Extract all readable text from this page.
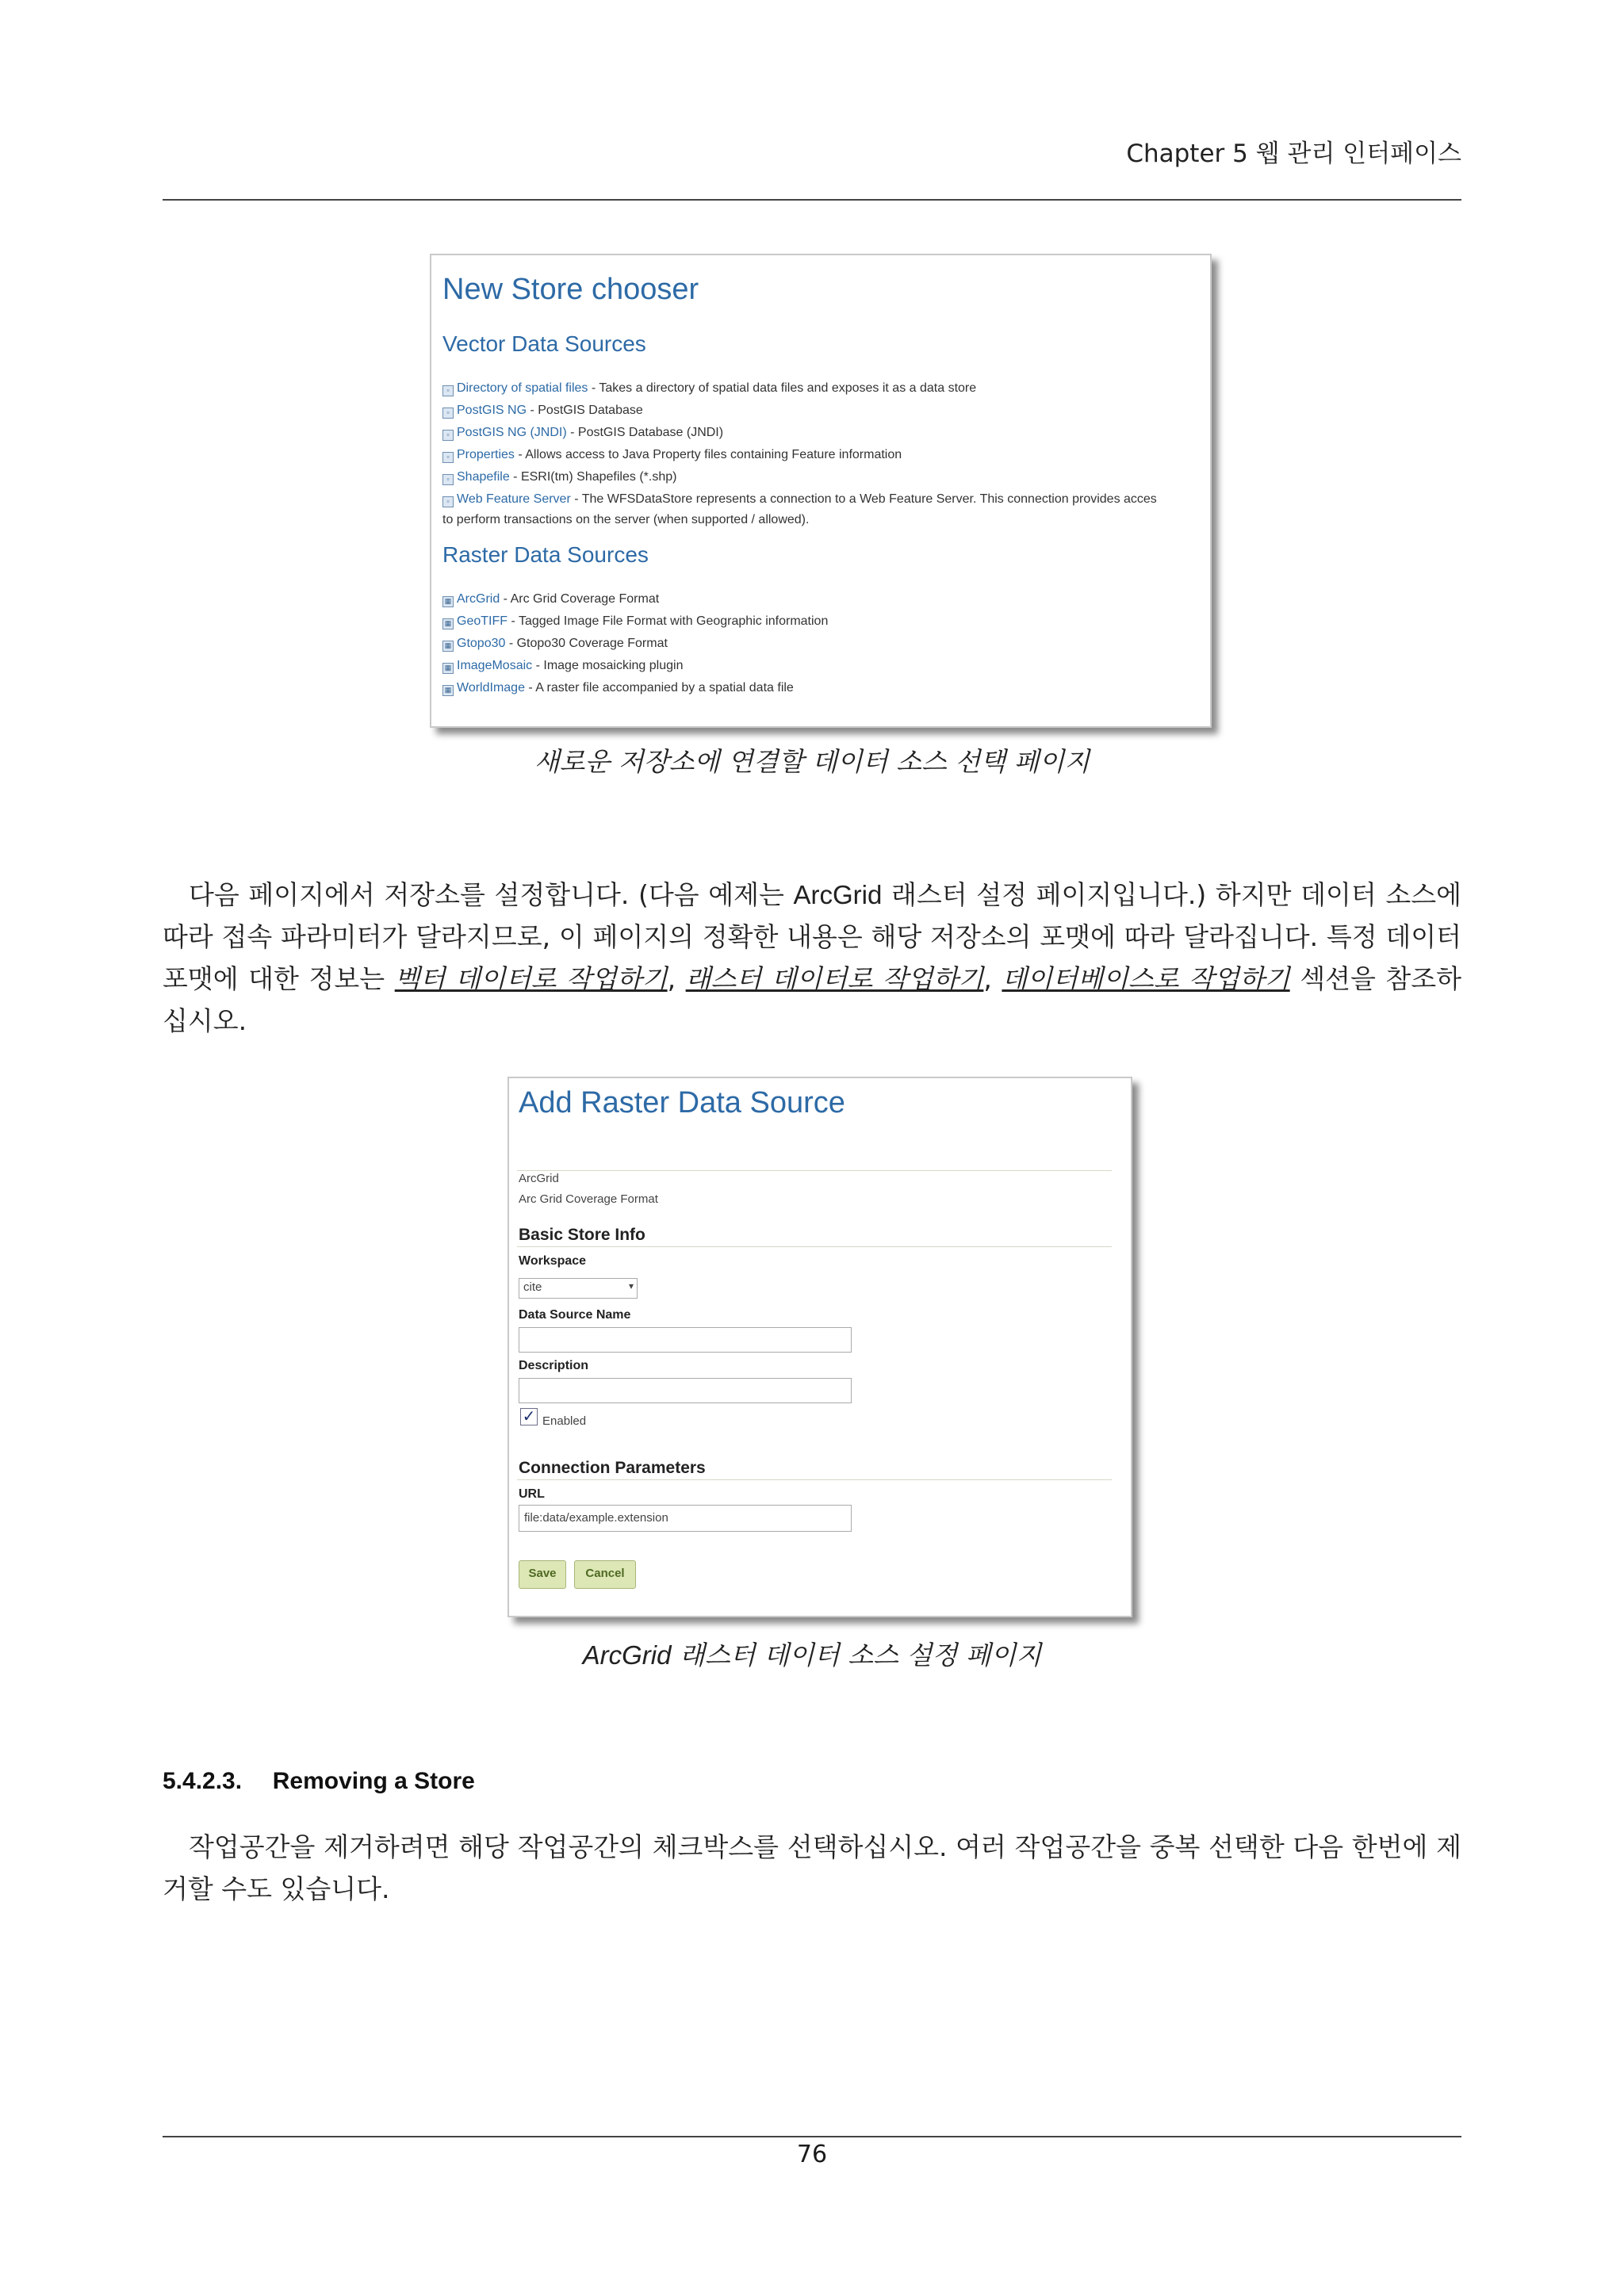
Chapter 5 웹 관리 인터페이스
New Store chooser
Vector Data Sources
▫ Directory of spatial files - Takes a directory of spatial data files and exposes it as a data store
▫ PostGIS NG - PostGIS Database
▫ PostGIS NG (JNDI) - PostGIS Database (JNDI)
▫ Properties - Allows access to Java Property files containing Feature information
▫ Shapefile - ESRI(tm) Shapefiles (*.shp)
▫ Web Feature Server - The WFSDataStore represents a connection to a Web Feature Server. This connection provides acces
to perform transactions on the server (when supported / allowed).
Raster Data Sources
▦ ArcGrid - Arc Grid Coverage Format
▦ GeoTIFF - Tagged Image File Format with Geographic information
▦ Gtopo30 - Gtopo30 Coverage Format
▦ ImageMosaic - Image mosaicking plugin
▦ WorldImage - A raster file accompanied by a spatial data file
새로운 저장소에 연결할 데이터 소스 선택 페이지
다음 페이지에서 저장소를 설정합니다. (다음 예제는 ArcGrid 래스터 설정 페이지입니다.) 하지만 데이터 소스에 따라 접속 파라미터가 달라지므로, 이 페이지의 정확한 내용은 해당 저장소의 포맷에 따라 달라집니다. 특정 데이터 포맷에 대한 정보는 벡터 데이터로 작업하기, 래스터 데이터로 작업하기, 데이터베이스로 작업하기 섹션을 참조하십시오.
Add Raster Data Source
ArcGrid
Arc Grid Coverage Format
Basic Store Info
Workspace
cite	▾
Data Source Name
Description
✓ Enabled
Connection Parameters
URL
file:data/example.extension
Save	Cancel
ArcGrid 래스터 데이터 소스 설정 페이지
5.4.2.3. Removing a Store
작업공간을 제거하려면 해당 작업공간의 체크박스를 선택하십시오. 여러 작업공간을 중복 선택한 다음 한번에 제거할 수도 있습니다.
76
